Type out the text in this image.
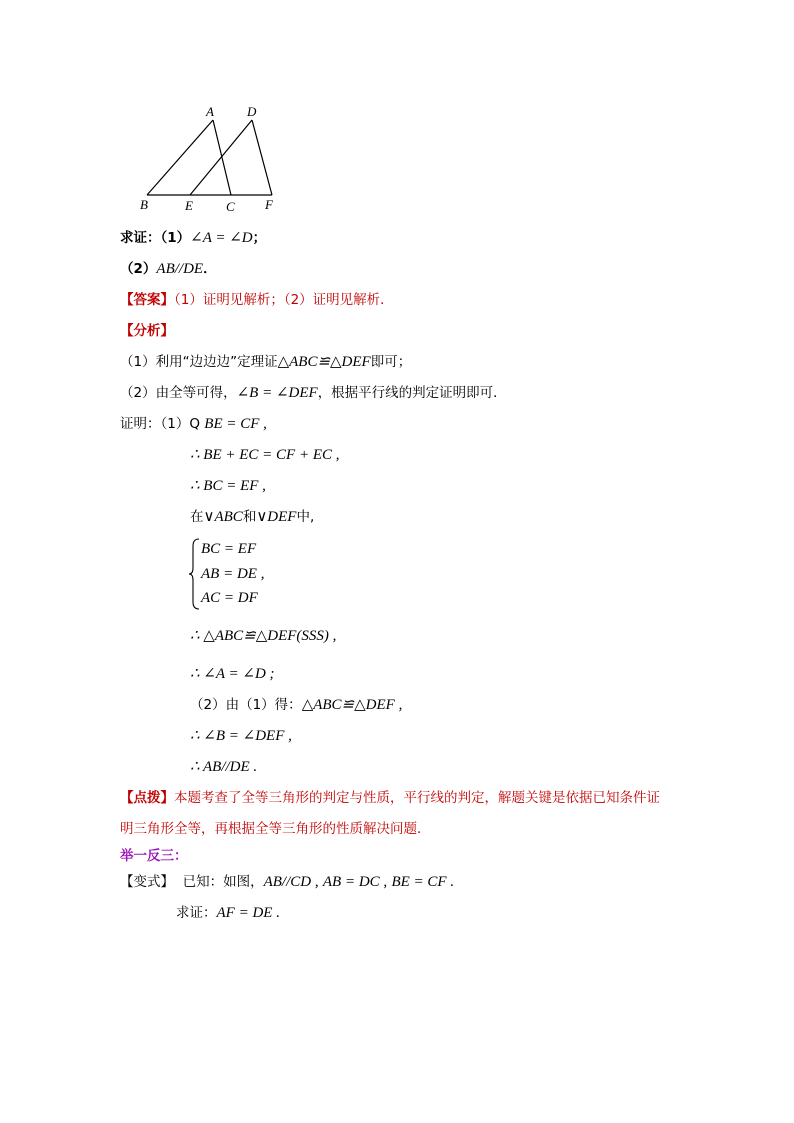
A	D
B	E	C F
求证：（1）∠A = ∠D；
（2）AB//DE．
【答案】（1）证明见解析；（2）证明见解析．
【分析】
（1）利用“边边边”定理证△ABC≌△DEF即可；
（2）由全等可得，∠B = ∠DEF，根据平行线的判定证明即可．
证明：（1）Q BE = CF ,
∴ BE + EC = CF + EC ,
∴ BC = EF ,
在∨ABC和∨DEF中,
BC = EF
AB = DE ,
AC = DF
∴ △ABC≌△DEF(SSS) ,
∴ ∠A = ∠D ;
（2）由（1）得：△ABC≌△DEF ,
∴ ∠B = ∠DEF ,
∴ AB//DE .
【点拨】本题考查了全等三角形的判定与性质，平行线的判定，解题关键是依据已知条件证
明三角形全等，再根据全等三角形的性质解决问题．
举一反三：
【变式】  已知：如图，AB//CD , AB = DC , BE = CF .
求证：AF = DE .
